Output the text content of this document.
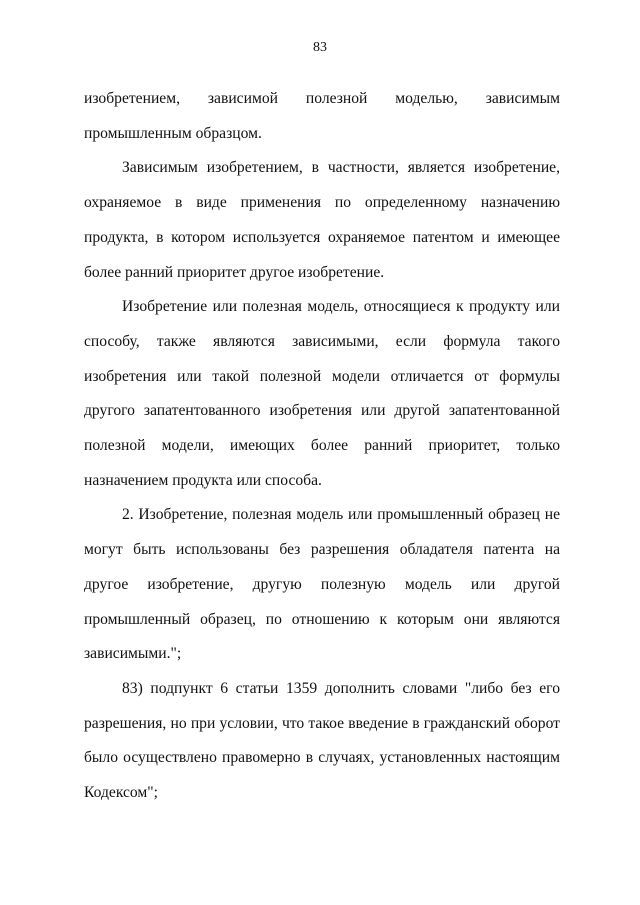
83

изобретением, зависимой полезной моделью, зависимым промышленным образцом.

Зависимым изобретением, в частности, является изобретение, охраняемое в виде применения по определенному назначению продукта, в котором используется охраняемое патентом и имеющее более ранний приоритет другое изобретение.

Изобретение или полезная модель, относящиеся к продукту или способу, также являются зависимыми, если формула такого изобретения или такой полезной модели отличается от формулы другого запатентованного изобретения или другой запатентованной полезной модели, имеющих более ранний приоритет, только назначением продукта или способа.

2. Изобретение, полезная модель или промышленный образец не могут быть использованы без разрешения обладателя патента на другое изобретение, другую полезную модель или другой промышленный образец, по отношению к которым они являются зависимыми.";

83) подпункт 6 статьи 1359 дополнить словами "либо без его разрешения, но при условии, что такое введение в гражданский оборот было осуществлено правомерно в случаях, установленных настоящим Кодексом";
